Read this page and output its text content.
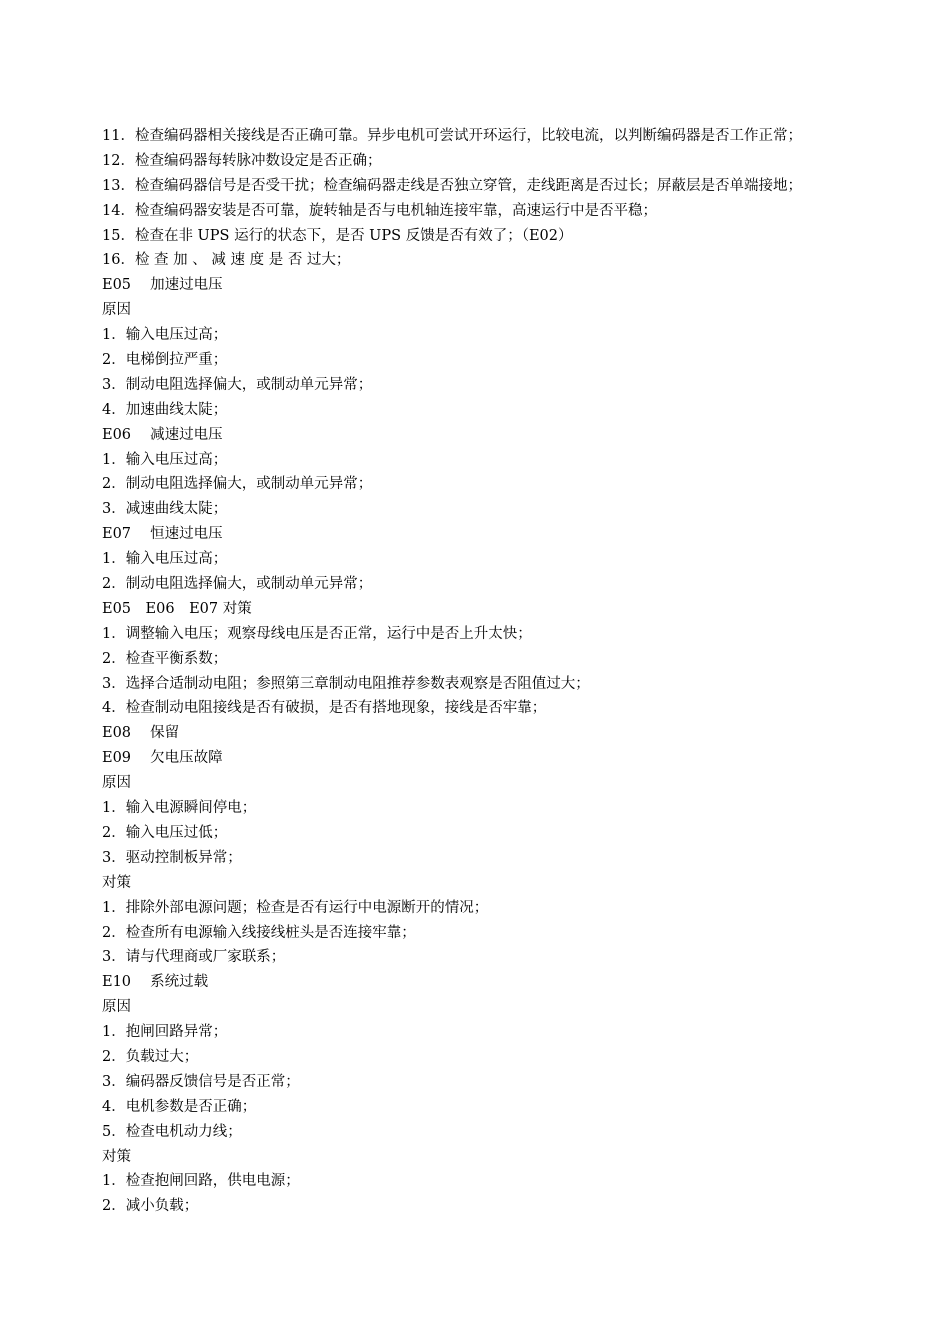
11．检查编码器相关接线是否正确可靠。异步电机可尝试开环运行，比较电流，以判断编码器是否工作正常；
12．检查编码器每转脉冲数设定是否正确；
13．检查编码器信号是否受干扰；检查编码器走线是否独立穿管，走线距离是否过长；屏蔽层是否单端接地；
14．检查编码器安装是否可靠，旋转轴是否与电机轴连接牢靠，高速运行中是否平稳；
15．检查在非 UPS 运行的状态下，是否 UPS 反馈是否有效了；（E02）
16．检 查 加 、 减 速 度 是 否 过大；
E05　 加速过电压
原因
1．输入电压过高；
2．电梯倒拉严重；
3．制动电阻选择偏大，或制动单元异常；
4．加速曲线太陡；
E06　 减速过电压
1．输入电压过高；
2．制动电阻选择偏大，或制动单元异常；
3．减速曲线太陡；
E07　 恒速过电压
1．输入电压过高；
2．制动电阻选择偏大，或制动单元异常；
E05　E06　E07 对策
1．调整输入电压；观察母线电压是否正常，运行中是否上升太快；
2．检查平衡系数；
3．选择合适制动电阻；参照第三章制动电阻推荐参数表观察是否阻值过大；
4．检查制动电阻接线是否有破损，是否有搭地现象，接线是否牢靠；
E08　 保留
E09　 欠电压故障
原因
1．输入电源瞬间停电；
2．输入电压过低；
3．驱动控制板异常；
对策
1．排除外部电源问题；检查是否有运行中电源断开的情况；
2．检查所有电源输入线接线桩头是否连接牢靠；
3．请与代理商或厂家联系；
E10　 系统过载
原因
1．抱闸回路异常；
2．负载过大；
3．编码器反馈信号是否正常；
4．电机参数是否正确；
5．检查电机动力线；
对策
1．检查抱闸回路，供电电源；
2．减小负载；
